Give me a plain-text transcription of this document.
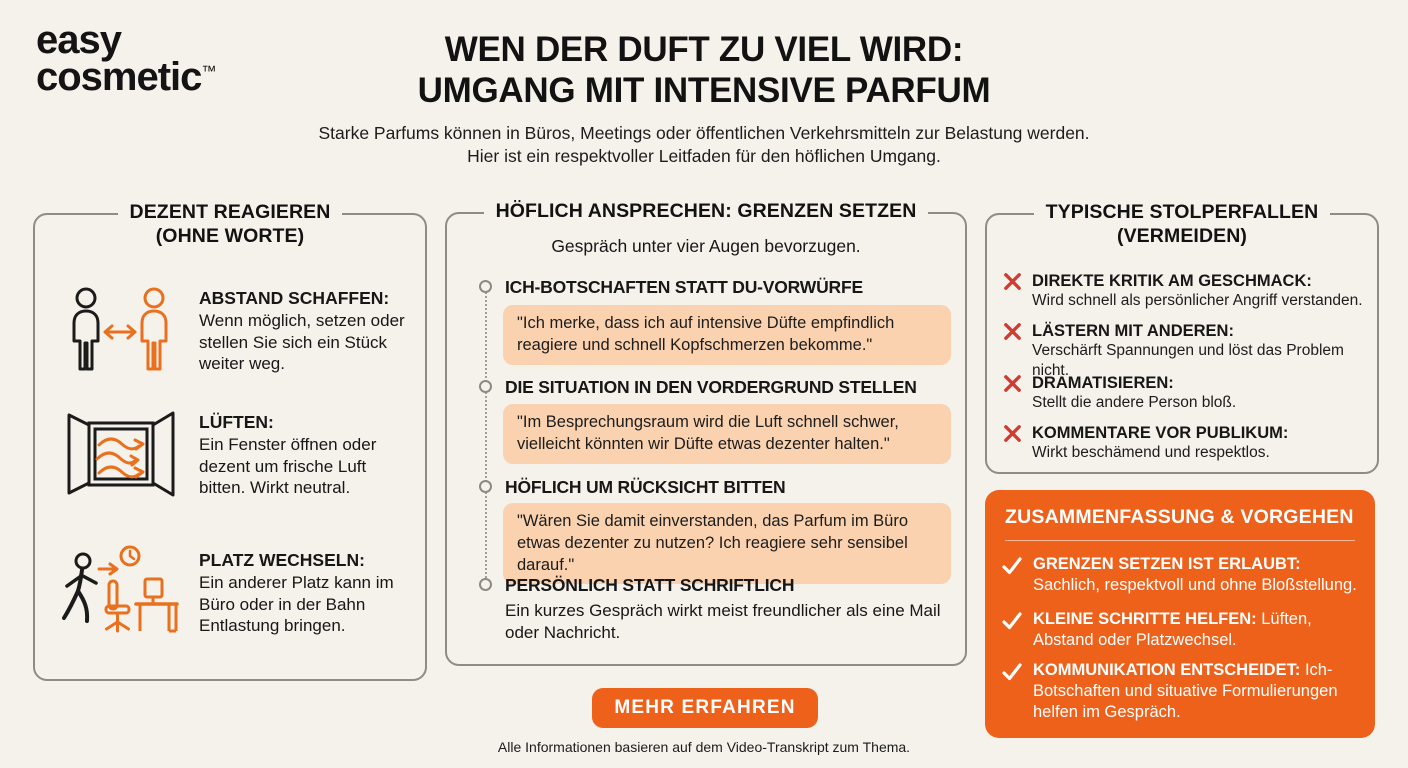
easy
cosmetic™
WEN DER DUFT ZU VIEL WIRD:
UMGANG MIT INTENSIVE PARFUM
Starke Parfums können in Büros, Meetings oder öffentlichen Verkehrsmitteln zur Belastung werden.
Hier ist ein respektvoller Leitfaden für den höflichen Umgang.
DEZENT REAGIEREN
(OHNE WORTE)
ABSTAND SCHAFFEN:
Wenn möglich, setzen oder stellen Sie sich ein Stück weiter weg.
LÜFTEN:
Ein Fenster öffnen oder dezent um frische Luft bitten. Wirkt neutral.
PLATZ WECHSELN:
Ein anderer Platz kann im Büro oder in der Bahn Entlastung bringen.
HÖFLICH ANSPRECHEN: GRENZEN SETZEN
Gespräch unter vier Augen bevorzugen.
ICH-BOTSCHAFTEN STATT DU-VORWÜRFE
"Ich merke, dass ich auf intensive Düfte empfindlich reagiere und schnell Kopfschmerzen bekomme."
DIE SITUATION IN DEN VORDERGRUND STELLEN
"Im Besprechungsraum wird die Luft schnell schwer, vielleicht könnten wir Düfte etwas dezenter halten."
HÖFLICH UM RÜCKSICHT BITTEN
"Wären Sie damit einverstanden, das Parfum im Büro etwas dezenter zu nutzen? Ich reagiere sehr sensibel darauf."
PERSÖNLICH STATT SCHRIFTLICH
Ein kurzes Gespräch wirkt meist freundlicher als eine Mail oder Nachricht.
TYPISCHE STOLPERFALLEN
(VERMEIDEN)
DIREKTE KRITIK AM GESCHMACK:
Wird schnell als persönlicher Angriff verstanden.
LÄSTERN MIT ANDEREN:
Verschärft Spannungen und löst das Problem nicht.
DRAMATISIEREN:
Stellt die andere Person bloß.
KOMMENTARE VOR PUBLIKUM:
Wirkt beschämend und respektlos.
ZUSAMMENFASSUNG & VORGEHEN
GRENZEN SETZEN IST ERLAUBT: Sachlich, respektvoll und ohne Bloßstellung.
KLEINE SCHRITTE HELFEN: Lüften, Abstand oder Platzwechsel.
KOMMUNIKATION ENTSCHEIDET: Ich-Botschaften und situative Formulierungen helfen im Gespräch.
MEHR ERFAHREN
Alle Informationen basieren auf dem Video-Transkript zum Thema.
